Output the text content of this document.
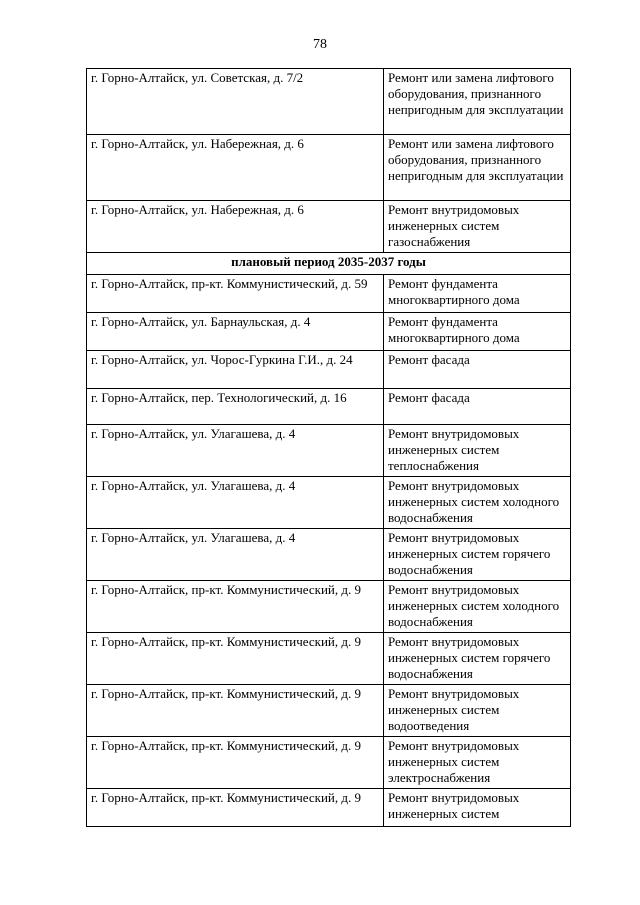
78
г. Горно-Алтайск, ул. Советская, д. 7/2	Ремонт или замена лифтового оборудования, признанного непригодным для эксплуатации
г. Горно-Алтайск, ул. Набережная, д. 6	Ремонт или замена лифтового оборудования, признанного непригодным для эксплуатации
г. Горно-Алтайск, ул. Набережная, д. 6	Ремонт внутридомовых инженерных систем газоснабжения
плановый период 2035-2037 годы	
г. Горно-Алтайск, пр-кт. Коммунистический, д. 59	Ремонт фундамента многоквартирного дома
г. Горно-Алтайск, ул. Барнаульская, д. 4	Ремонт фундамента многоквартирного дома
г. Горно-Алтайск, ул. Чорос-Гуркина Г.И., д. 24	Ремонт фасада
г. Горно-Алтайск, пер. Технологический, д. 16	Ремонт фасада
г. Горно-Алтайск, ул. Улагашева, д. 4	Ремонт внутридомовых инженерных систем теплоснабжения
г. Горно-Алтайск, ул. Улагашева, д. 4	Ремонт внутридомовых инженерных систем холодного водоснабжения
г. Горно-Алтайск, ул. Улагашева, д. 4	Ремонт внутридомовых инженерных систем горячего водоснабжения
г. Горно-Алтайск, пр-кт. Коммунистический, д. 9	Ремонт внутридомовых инженерных систем холодного водоснабжения
г. Горно-Алтайск, пр-кт. Коммунистический, д. 9	Ремонт внутридомовых инженерных систем горячего водоснабжения
г. Горно-Алтайск, пр-кт. Коммунистический, д. 9	Ремонт внутридомовых инженерных систем водоотведения
г. Горно-Алтайск, пр-кт. Коммунистический, д. 9	Ремонт внутридомовых инженерных систем электроснабжения
г. Горно-Алтайск, пр-кт. Коммунистический, д. 9	Ремонт внутридомовых инженерных систем
